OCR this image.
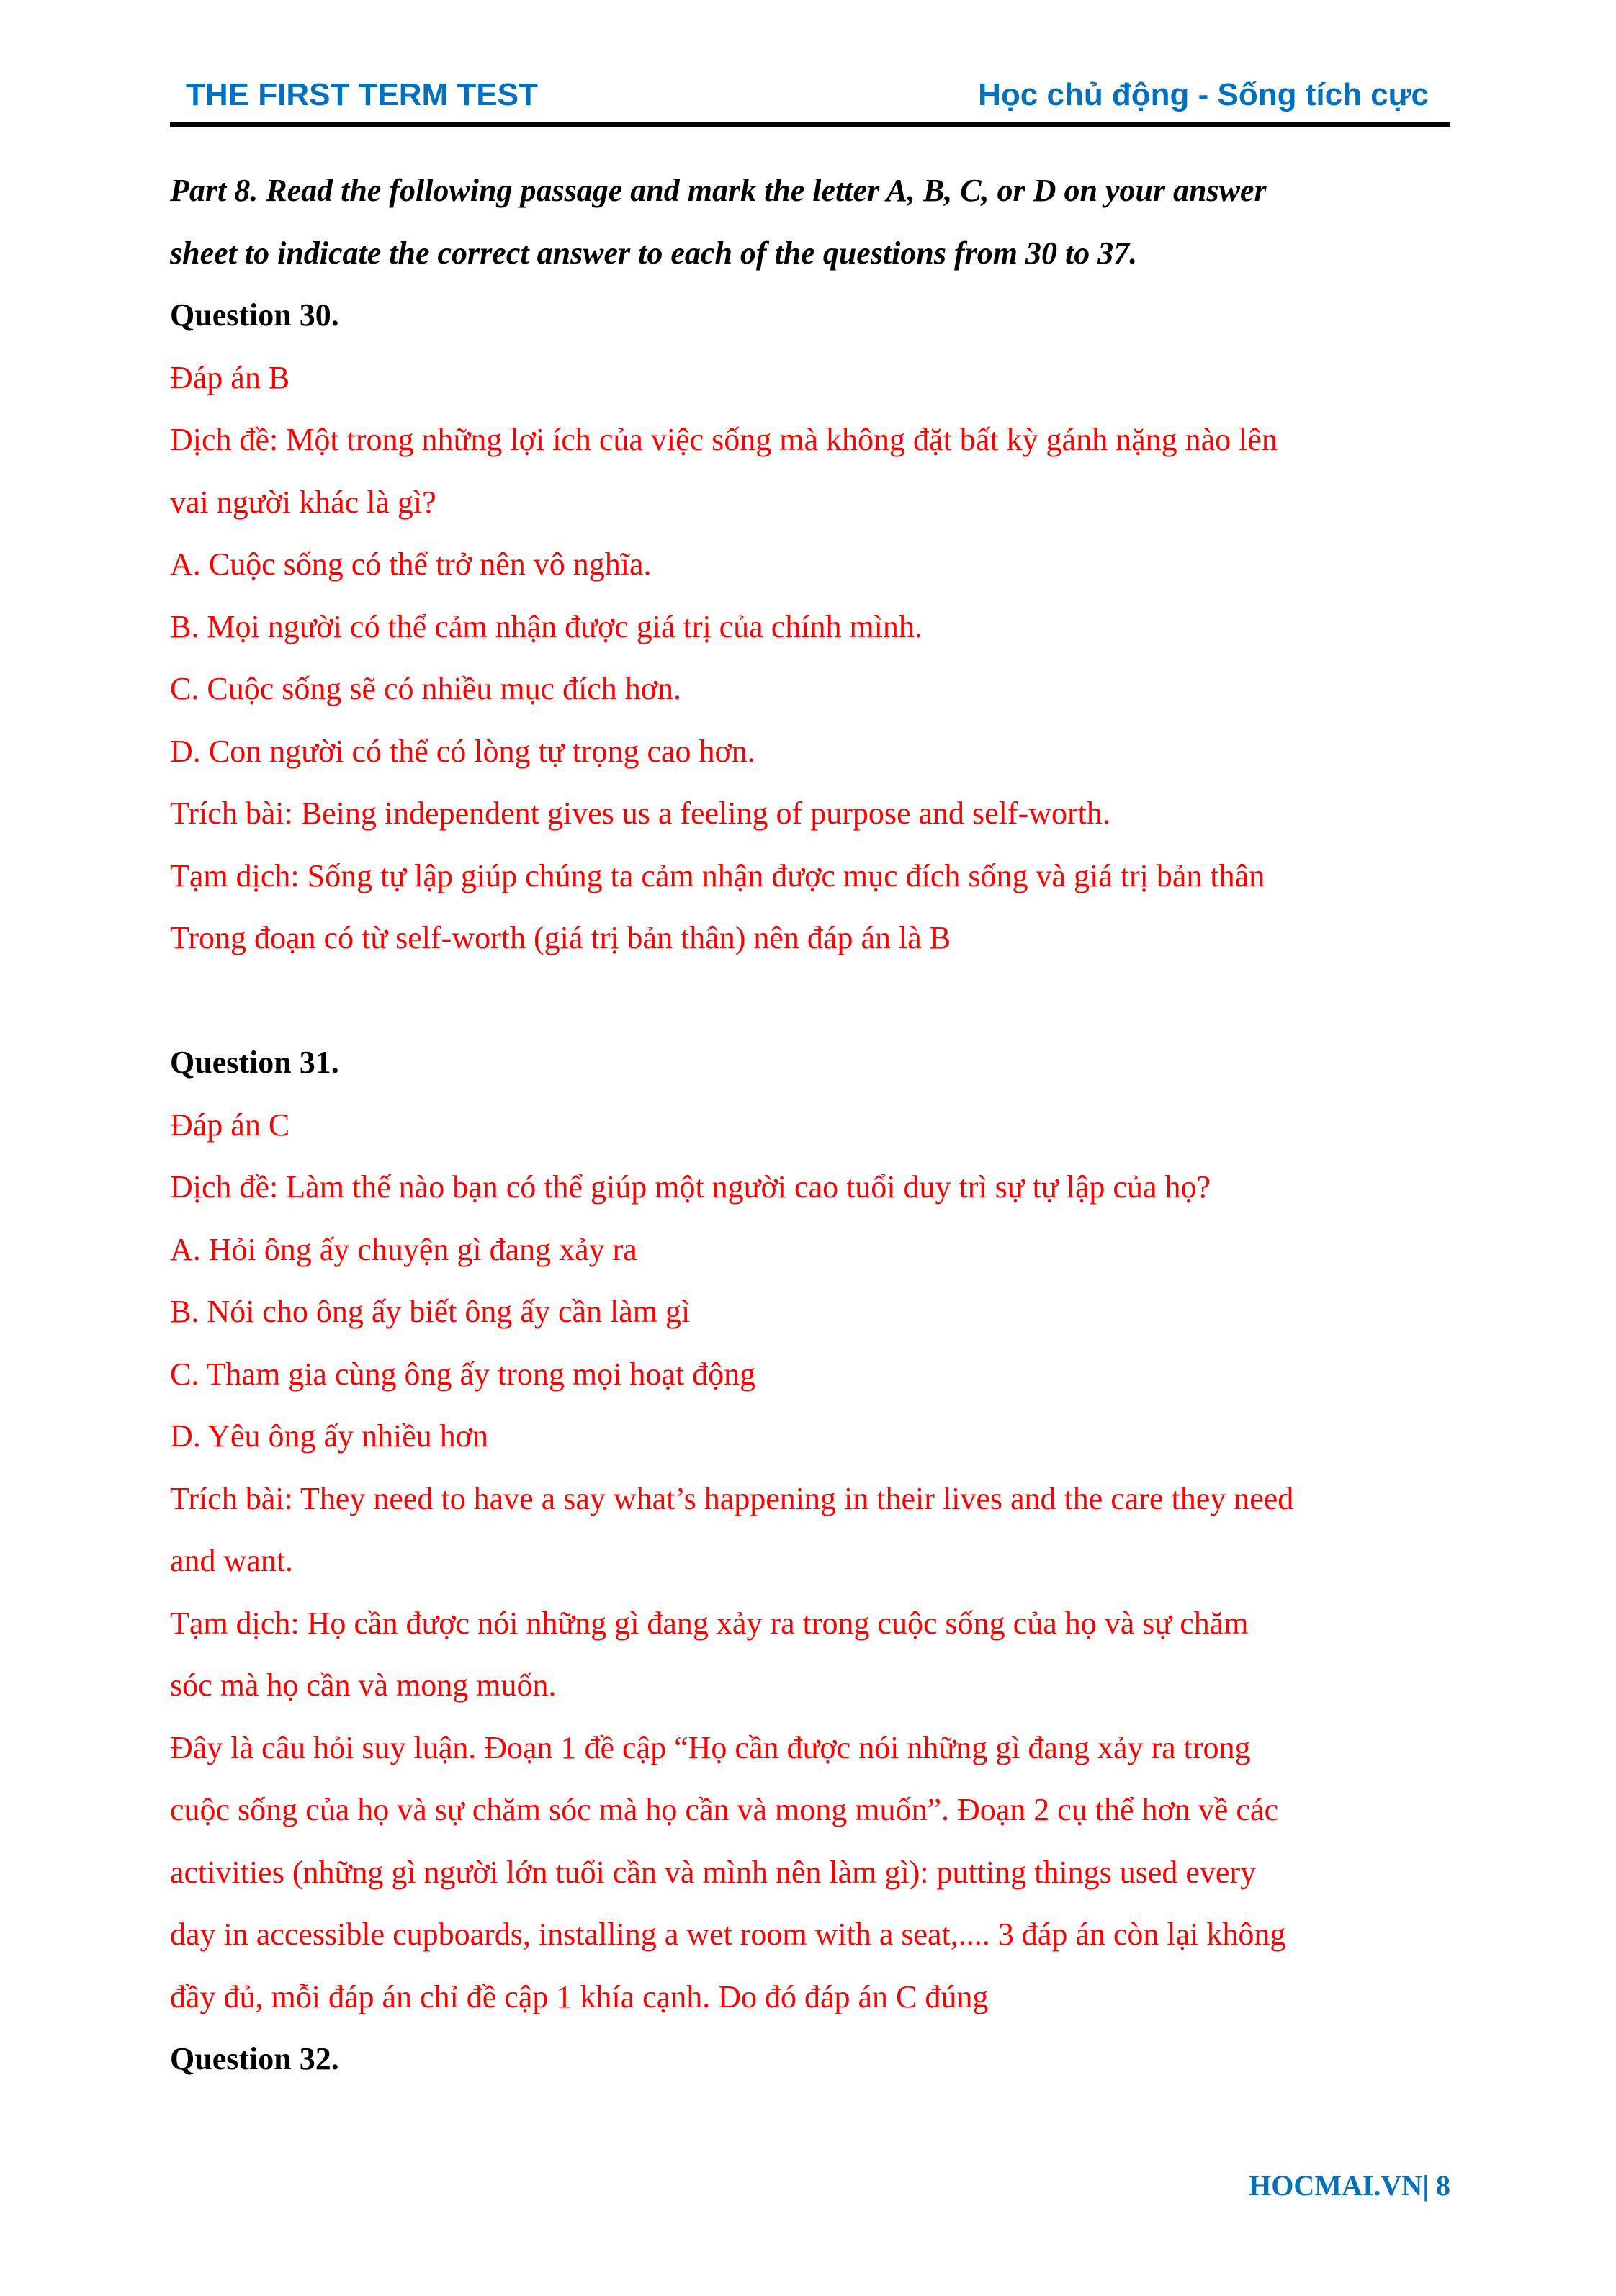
THE FIRST TERM TEST	Học chủ động - Sống tích cực
Part 8. Read the following passage and mark the letter A, B, C, or D on your answer
sheet to indicate the correct answer to each of the questions from 30 to 37.
Question 30.
Đáp án B
Dịch đề: Một trong những lợi ích của việc sống mà không đặt bất kỳ gánh nặng nào lên
vai người khác là gì?
A. Cuộc sống có thể trở nên vô nghĩa.
B. Mọi người có thể cảm nhận được giá trị của chính mình.
C. Cuộc sống sẽ có nhiều mục đích hơn.
D. Con người có thể có lòng tự trọng cao hơn.
Trích bài: Being independent gives us a feeling of purpose and self-worth.
Tạm dịch: Sống tự lập giúp chúng ta cảm nhận được mục đích sống và giá trị bản thân
Trong đoạn có từ self-worth (giá trị bản thân) nên đáp án là B
Question 31.
Đáp án C
Dịch đề: Làm thế nào bạn có thể giúp một người cao tuổi duy trì sự tự lập của họ?
A. Hỏi ông ấy chuyện gì đang xảy ra
B. Nói cho ông ấy biết ông ấy cần làm gì
C. Tham gia cùng ông ấy trong mọi hoạt động
D. Yêu ông ấy nhiều hơn
Trích bài: They need to have a say what’s happening in their lives and the care they need
and want.
Tạm dịch: Họ cần được nói những gì đang xảy ra trong cuộc sống của họ và sự chăm
sóc mà họ cần và mong muốn.
Đây là câu hỏi suy luận. Đoạn 1 đề cập “Họ cần được nói những gì đang xảy ra trong
cuộc sống của họ và sự chăm sóc mà họ cần và mong muốn”. Đoạn 2 cụ thể hơn về các
activities (những gì người lớn tuổi cần và mình nên làm gì): putting things used every
day in accessible cupboards, installing a wet room with a seat,.... 3 đáp án còn lại không
đầy đủ, mỗi đáp án chỉ đề cập 1 khía cạnh. Do đó đáp án C đúng
Question 32.
HOCMAI.VN| 8
